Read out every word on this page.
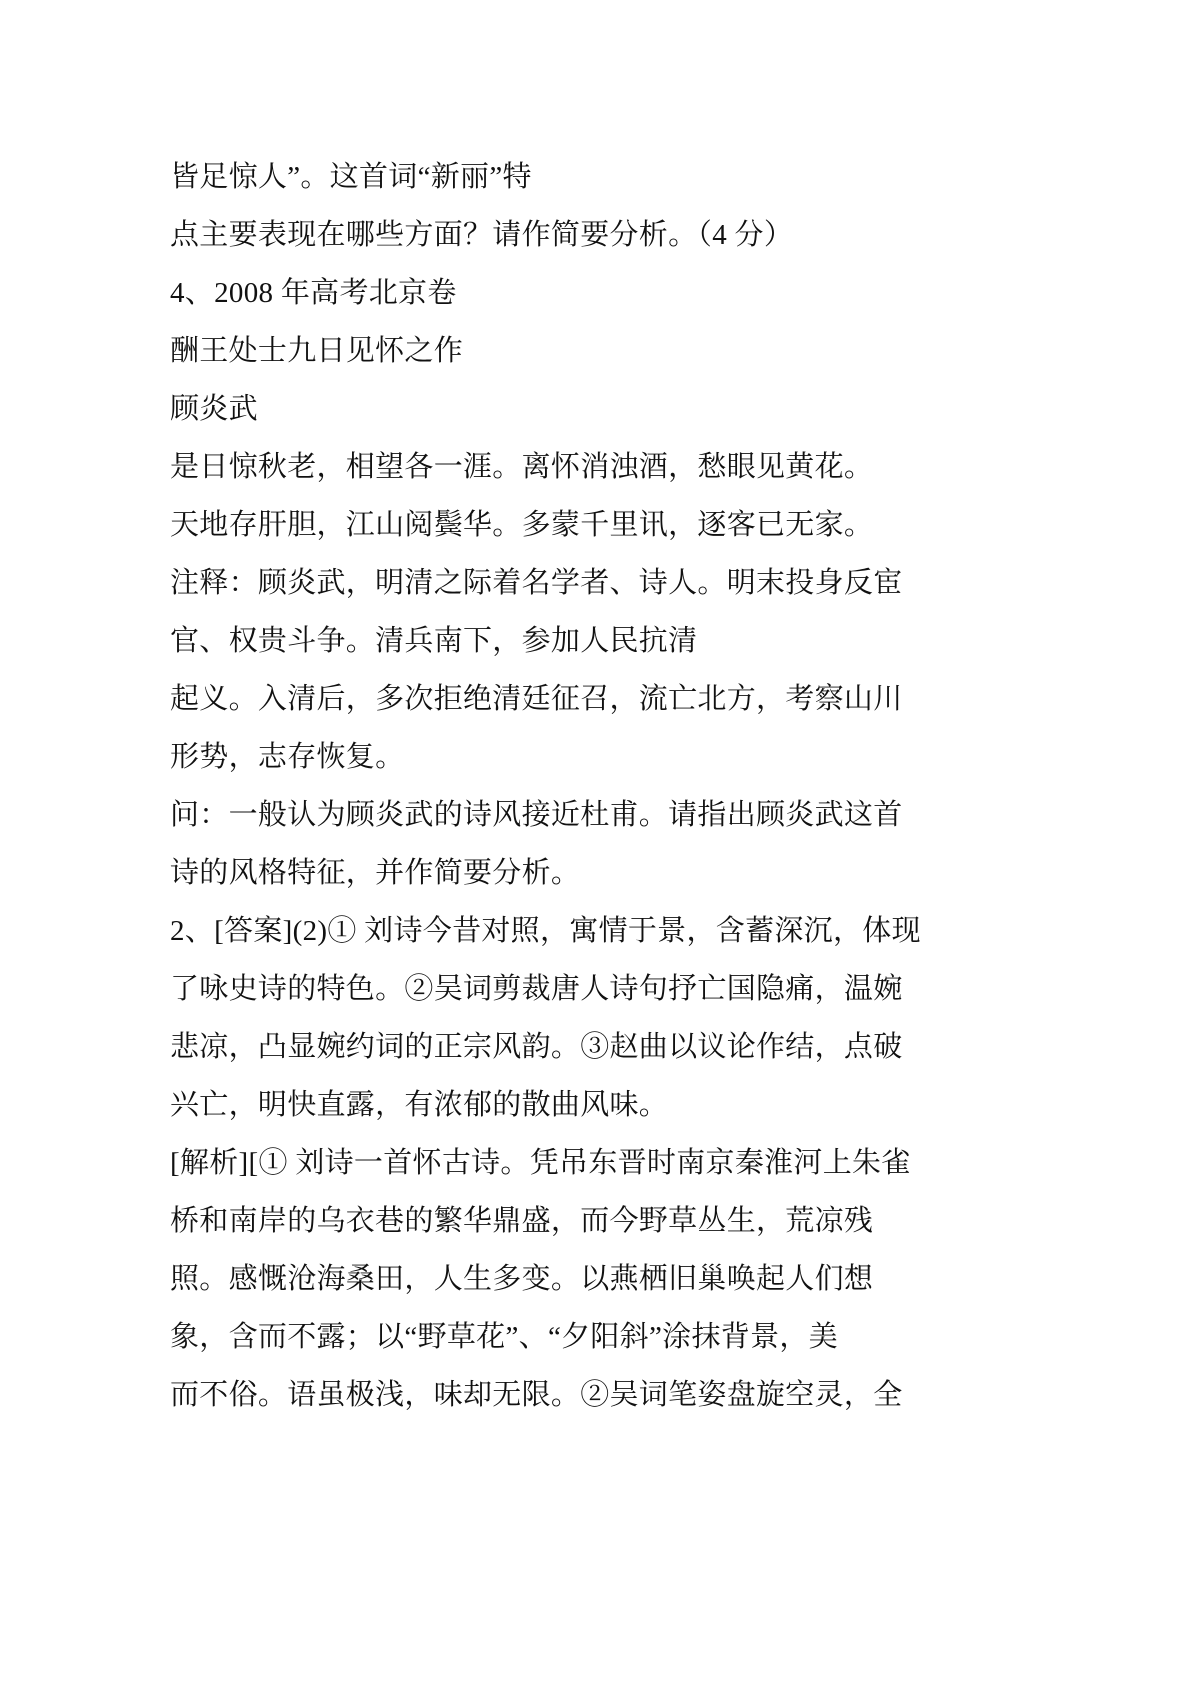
皆足惊人”。这首词“新丽”特
点主要表现在哪些方面？请作简要分析。（4 分）
4、2008 年高考北京卷
酬王处士九日见怀之作
顾炎武
是日惊秋老，相望各一涯。离怀消浊酒，愁眼见黄花。
天地存肝胆，江山阅鬓华。多蒙千里讯，逐客已无家。
注释：顾炎武，明清之际着名学者、诗人。明末投身反宦
官、权贵斗争。清兵南下，参加人民抗清
起义。入清后，多次拒绝清廷征召，流亡北方，考察山川
形势，志存恢复。
问：一般认为顾炎武的诗风接近杜甫。请指出顾炎武这首
诗的风格特征，并作简要分析。
2、[答案](2)① 刘诗今昔对照，寓情于景，含蓄深沉，体现
了咏史诗的特色。②吴词剪裁唐人诗句抒亡国隐痛，温婉
悲凉，凸显婉约词的正宗风韵。③赵曲以议论作结，点破
兴亡，明快直露，有浓郁的散曲风味。
[解析][① 刘诗一首怀古诗。凭吊东晋时南京秦淮河上朱雀
桥和南岸的乌衣巷的繁华鼎盛，而今野草丛生，荒凉残
照。感慨沧海桑田，人生多变。以燕栖旧巢唤起人们想
象，含而不露；以“野草花”、“夕阳斜”涂抹背景，美
而不俗。语虽极浅，味却无限。②吴词笔姿盘旋空灵，全
